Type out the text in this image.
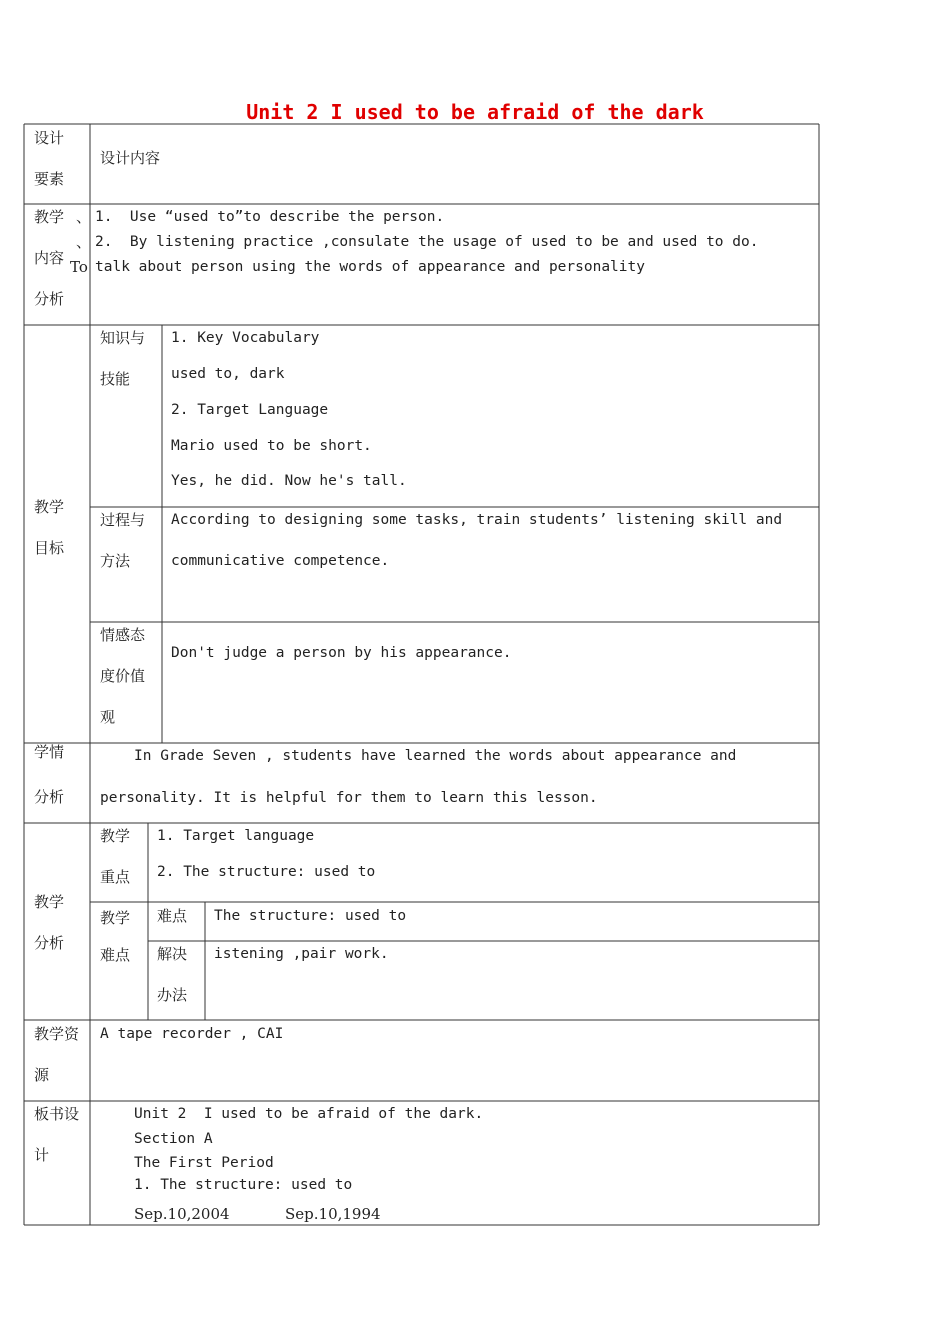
Unit 2 I used to be afraid of the dark
设计
要素
设计内容
教学
内容
分析
、
、
To
1.  Use “used to”to describe the person.
2.  By listening practice ,consulate the usage of used to be and used to do.
talk about person using the words of appearance and personality
教学
目标
知识与
技能
1. Key Vocabulary
used to, dark
2. Target Language
Mario used to be short.
Yes, he did. Now he's tall.
过程与
方法
According to designing some tasks, train students’ listening skill and
communicative competence.
情感态
度价值
观
Don't judge a person by his appearance.
学情
分析
In Grade Seven , students have learned the words about appearance and
personality. It is helpful for them to learn this lesson.
教学
分析
教学
重点
1. Target language
2. The structure: used to
教学
难点
难点 The structure: used to
解决
办法
istening ,pair work.
教学资
源
A tape recorder , CAI
板书设
计
Unit 2  I used to be afraid of the dark.
Section A
The First Period
1. The structure: used to
Sep.10,2004	Sep.10,1994
